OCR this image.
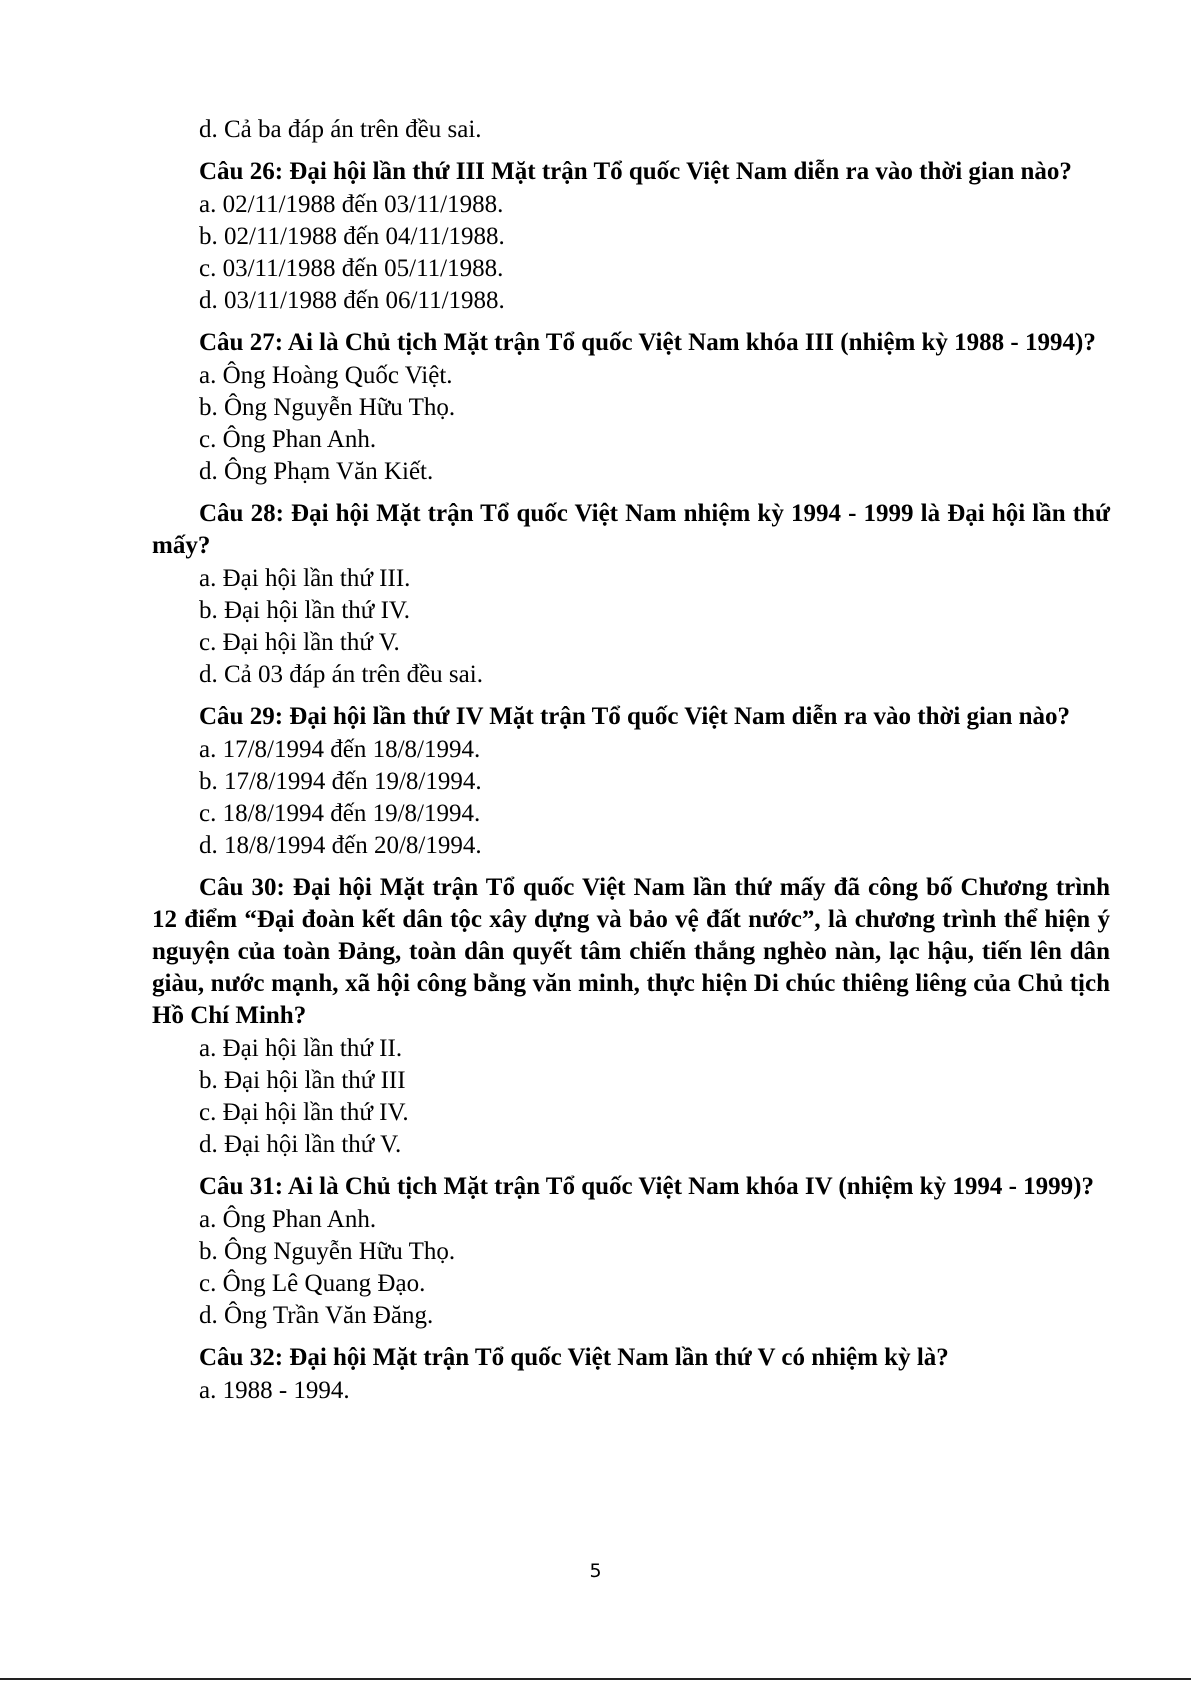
d. Cả ba đáp án trên đều sai.

Câu 26: Đại hội lần thứ III Mặt trận Tổ quốc Việt Nam diễn ra vào thời gian nào?

a. 02/11/1988 đến 03/11/1988.
b. 02/11/1988 đến 04/11/1988.
c. 03/11/1988 đến 05/11/1988.
d. 03/11/1988 đến 06/11/1988.

Câu 27: Ai là Chủ tịch Mặt trận Tổ quốc Việt Nam khóa III (nhiệm kỳ 1988 - 1994)?

a. Ông Hoàng Quốc Việt.
b. Ông Nguyễn Hữu Thọ.
c. Ông Phan Anh.
d. Ông Phạm Văn Kiết.

Câu 28: Đại hội Mặt trận Tổ quốc Việt Nam nhiệm kỳ 1994 - 1999 là Đại hội lần thứ mấy?

a. Đại hội lần thứ III.
b. Đại hội lần thứ IV.
c. Đại hội lần thứ V.
d. Cả 03 đáp án trên đều sai.

Câu 29: Đại hội lần thứ IV Mặt trận Tổ quốc Việt Nam diễn ra vào thời gian nào?

a. 17/8/1994 đến 18/8/1994.
b. 17/8/1994 đến 19/8/1994.
c. 18/8/1994 đến 19/8/1994.
d. 18/8/1994 đến 20/8/1994.

Câu 30: Đại hội Mặt trận Tổ quốc Việt Nam lần thứ mấy đã công bố Chương trình 12 điểm “Đại đoàn kết dân tộc xây dựng và bảo vệ đất nước”, là chương trình thể hiện ý nguyện của toàn Đảng, toàn dân quyết tâm chiến thắng nghèo nàn, lạc hậu, tiến lên dân giàu, nước mạnh, xã hội công bằng văn minh, thực hiện Di chúc thiêng liêng của Chủ tịch Hồ Chí Minh?

a. Đại hội lần thứ II.
b. Đại hội lần thứ III
c. Đại hội lần thứ IV.
d. Đại hội lần thứ V.

Câu 31: Ai là Chủ tịch Mặt trận Tổ quốc Việt Nam khóa IV (nhiệm kỳ 1994 - 1999)?

a. Ông Phan Anh.
b. Ông Nguyễn Hữu Thọ.
c. Ông Lê Quang Đạo.
d. Ông Trần Văn Đăng.

Câu 32: Đại hội Mặt trận Tổ quốc Việt Nam lần thứ V có nhiệm kỳ là?

a. 1988 - 1994.
5
